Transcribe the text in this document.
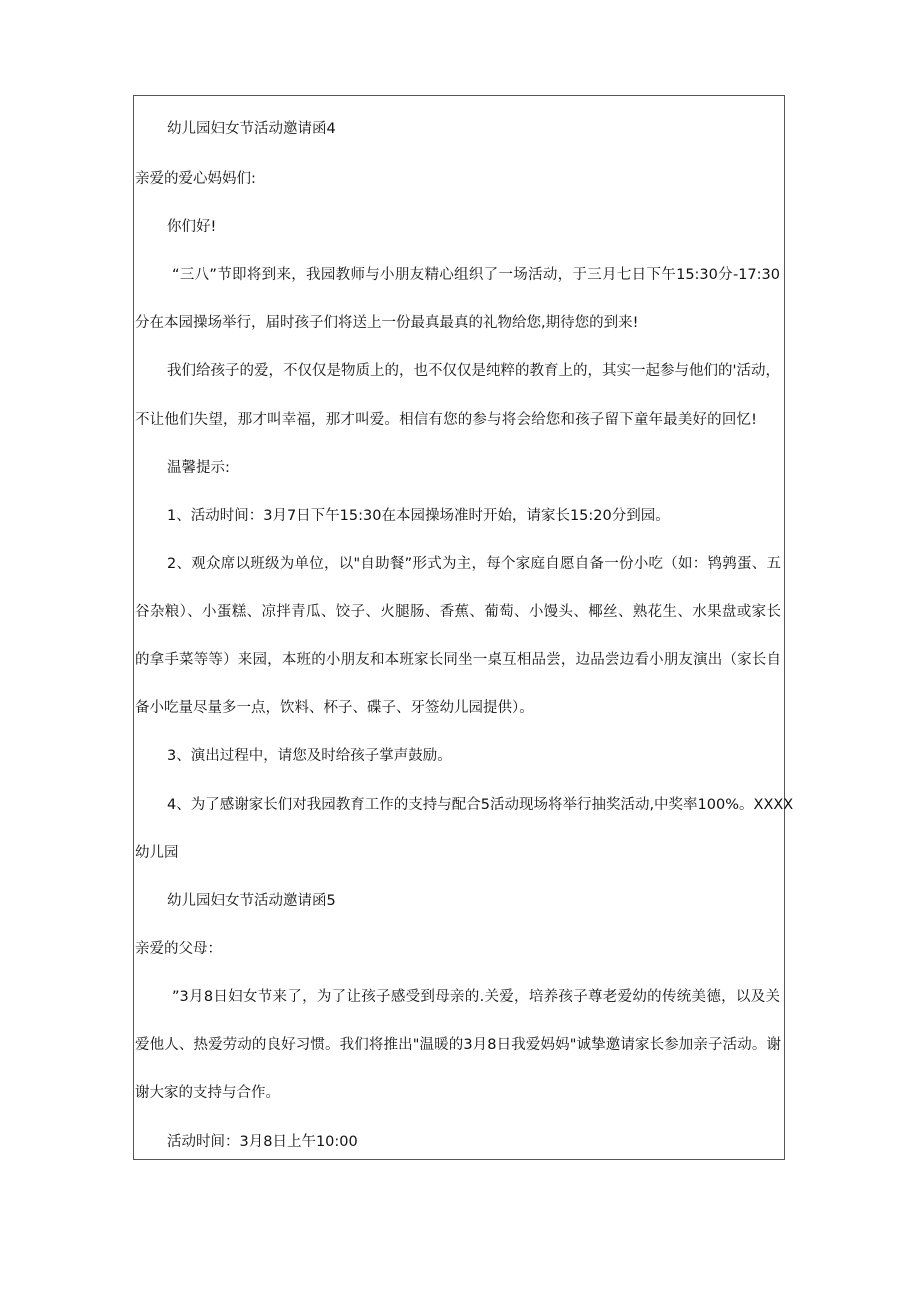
幼儿园妇女节活动邀请函4
亲爱的爱心妈妈们:
你们好!
“三八”节即将到来，我园教师与小朋友精心组织了一场活动，于三月七日下午15:30分-17:30
分在本园操场举行，届时孩子们将送上一份最真最真的礼物给您,期待您的到来!
我们给孩子的爱，不仅仅是物质上的，也不仅仅是纯粹的教育上的，其实一起参与他们的'活动，
不让他们失望，那才叫幸福，那才叫爱。相信有您的参与将会给您和孩子留下童年最美好的回忆!
温馨提示:
1、活动时间：3月7日下午15:30在本园操场准时开始，请家长15:20分到园。
2、观众席以班级为单位，以"自助餐”形式为主，每个家庭自愿自备一份小吃（如：鸨鹑蛋、五
谷杂粮）、小蛋糕、凉拌青瓜、饺子、火腿肠、香蕉、葡萄、小馒头、椰丝、熟花生、水果盘或家长
的拿手菜等等）来园，本班的小朋友和本班家长同坐一桌互相品尝，边品尝边看小朋友演出（家长自
备小吃量尽量多一点，饮料、杯子、碟子、牙签幼儿园提供）。
3、演出过程中，请您及时给孩子掌声鼓励。
4、为了感谢家长们对我园教育工作的支持与配合5活动现场将举行抽奖活动,中奖率100%。XXXX
幼儿园
幼儿园妇女节活动邀请函5
亲爱的父母：
”3月8日妇女节来了，为了让孩子感受到母亲的.关爱，培养孩子尊老爱幼的传统美德，以及关
爱他人、热爱劳动的良好习惯。我们将推出"温暖的3月8日我爱妈妈"诚挚邀请家长参加亲子活动。谢
谢大家的支持与合作。
活动时间：3月8日上午10:00
